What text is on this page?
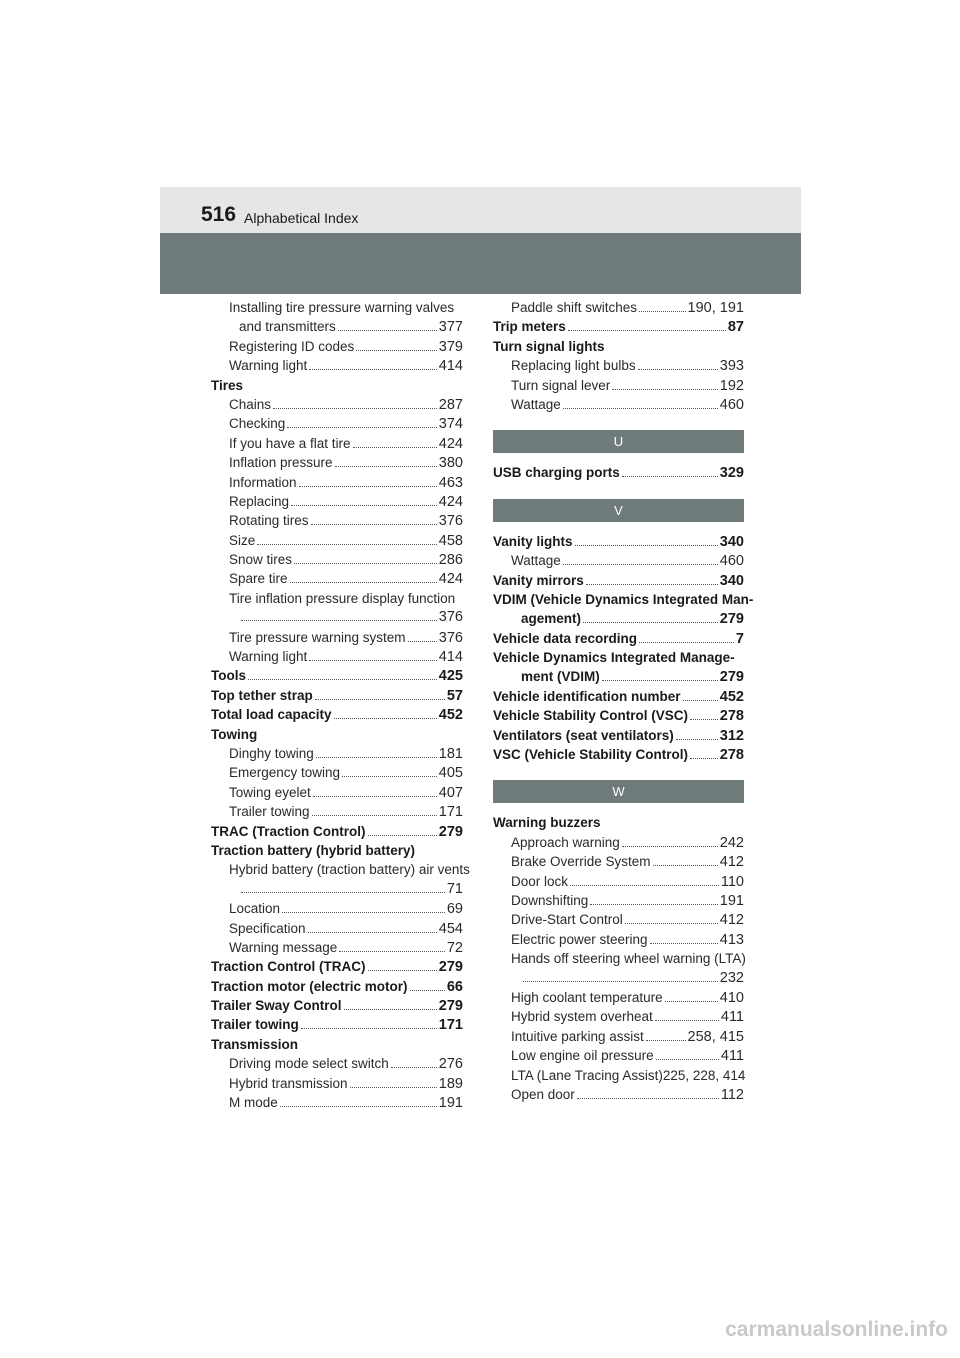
516 Alphabetical Index
Installing tire pressure warning valves
and transmitters	377
Registering ID codes	379
Warning light	414
Tires
Chains	287
Checking	374
If you have a flat tire	424
Inflation pressure	380
Information	463
Replacing	424
Rotating tires	376
Size	458
Snow tires	286
Spare tire	424
Tire inflation pressure display function
376
Tire pressure warning system 376
Warning light	414
Tools	425
Top tether strap	57
Total load capacity	452
Towing
Dinghy towing	181
Emergency towing	405
Towing eyelet	407
Trailer towing	171
TRAC (Traction Control)	279
Traction battery (hybrid battery)
Hybrid battery (traction battery) air vents
71
Location	69
Specification	454
Warning message	72
Traction Control (TRAC)	279
Traction motor (electric motor)	66
Trailer Sway Control	279
Trailer towing	171
Transmission
Driving mode select switch	276
Hybrid transmission	189
M mode	191
Paddle shift switches	190, 191
Trip meters	87
Turn signal lights
Replacing light bulbs	393
Turn signal lever	192
Wattage	460
U
USB charging ports	329
V
Vanity lights	340
Wattage	460
Vanity mirrors	340
VDIM (Vehicle Dynamics Integrated Man-
agement)	279
Vehicle data recording	7
Vehicle Dynamics Integrated Manage-
ment (VDIM)	279
Vehicle identification number	452
Vehicle Stability Control (VSC) 278
Ventilators (seat ventilators)	312
VSC (Vehicle Stability Control) 278
W
Warning buzzers
Approach warning	242
Brake Override System	412
Door lock	110
Downshifting	191
Drive-Start Control	412
Electric power steering	413
Hands off steering wheel warning (LTA)
232
High coolant temperature	410
Hybrid system overheat	411
Intuitive parking assist	258, 415
Low engine oil pressure	411
LTA (Lane Tracing Assist)225, 228, 414
Open door	112
carmanualsonline.info
